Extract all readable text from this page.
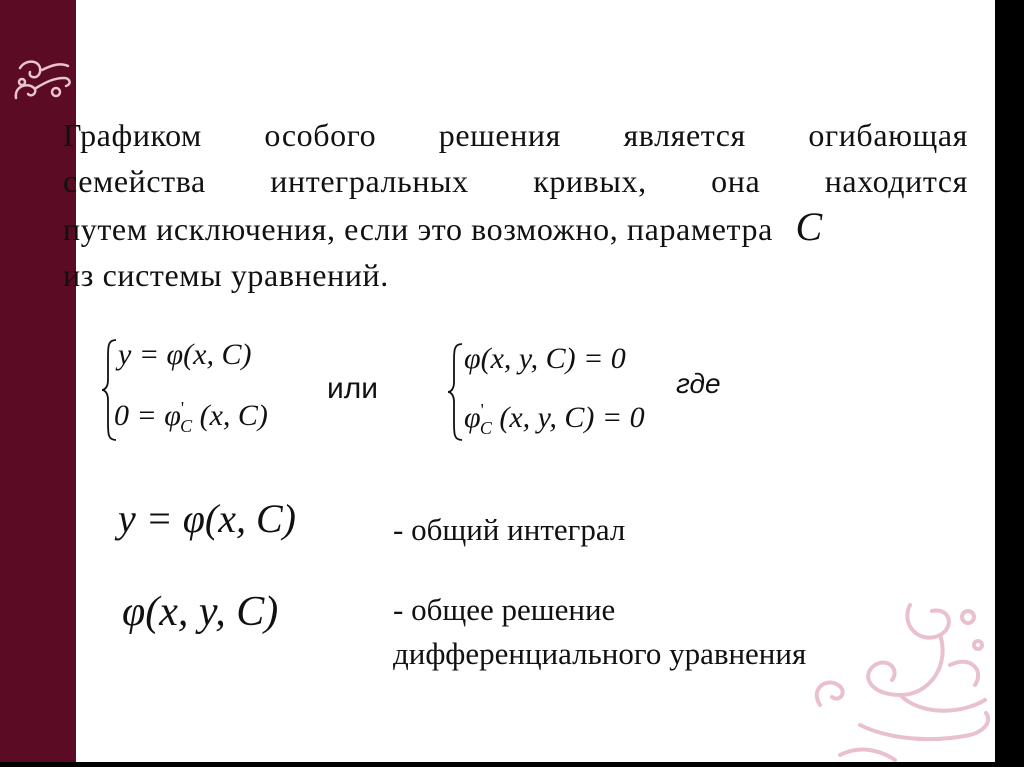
Графиком особого решения является огибающая
семейства интегральных кривых, она находится
путем исключения, если это возможно, параметра C
из системы уравнений.
y = φ(x, C)
$0 = \varphi'_C$ (x, C)
или
φ(x, y, C) = 0
$\varphi'_C$ (x, y, C) = 0
где
y = φ(x, C)	- общий интеграл
φ(x, y, C)	- общее решение
дифференциального уравнения
